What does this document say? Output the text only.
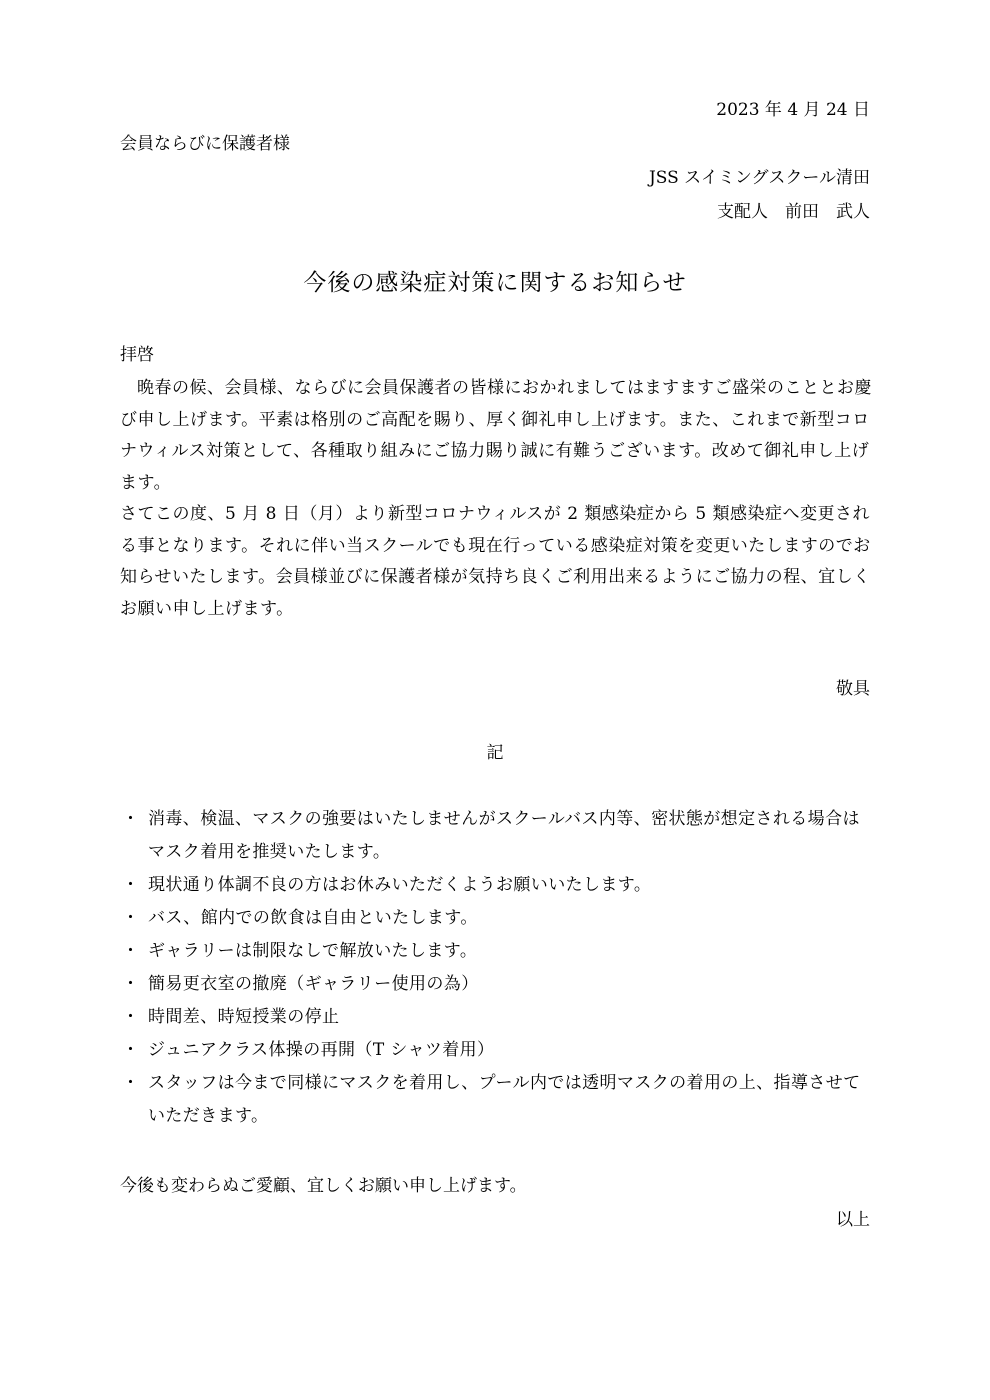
2023 年 4 月 24 日
会員ならびに保護者様
JSS スイミングスクール清田
支配人　前田　武人
今後の感染症対策に関するお知らせ
拝啓

晩春の候、会員様、ならびに会員保護者の皆様におかれましてはますますご盛栄のこととお慶び申し上げます。平素は格別のご高配を賜り、厚く御礼申し上げます。また、これまで新型コロナウィルス対策として、各種取り組みにご協力賜り誠に有難うございます。改めて御礼申し上げます。

さてこの度、5 月 8 日（月）より新型コロナウィルスが 2 類感染症から 5 類感染症へ変更される事となります。それに伴い当スクールでも現在行っている感染症対策を変更いたしますのでお知らせいたします。会員様並びに保護者様が気持ち良くご利用出来るようにご協力の程、宜しくお願い申し上げます。

敬具
記
・ 消毒、検温、マスクの強要はいたしませんがスクールバス内等、密状態が想定される場合はマスク着用を推奨いたします。
・ 現状通り体調不良の方はお休みいただくようお願いいたします。
・ バス、館内での飲食は自由といたします。
・ ギャラリーは制限なしで解放いたします。
・ 簡易更衣室の撤廃（ギャラリー使用の為）
・ 時間差、時短授業の停止
・ ジュニアクラス体操の再開（T シャツ着用）
・ スタッフは今まで同様にマスクを着用し、プール内では透明マスクの着用の上、指導させていただきます。
今後も変わらぬご愛顧、宜しくお願い申し上げます。
以上
